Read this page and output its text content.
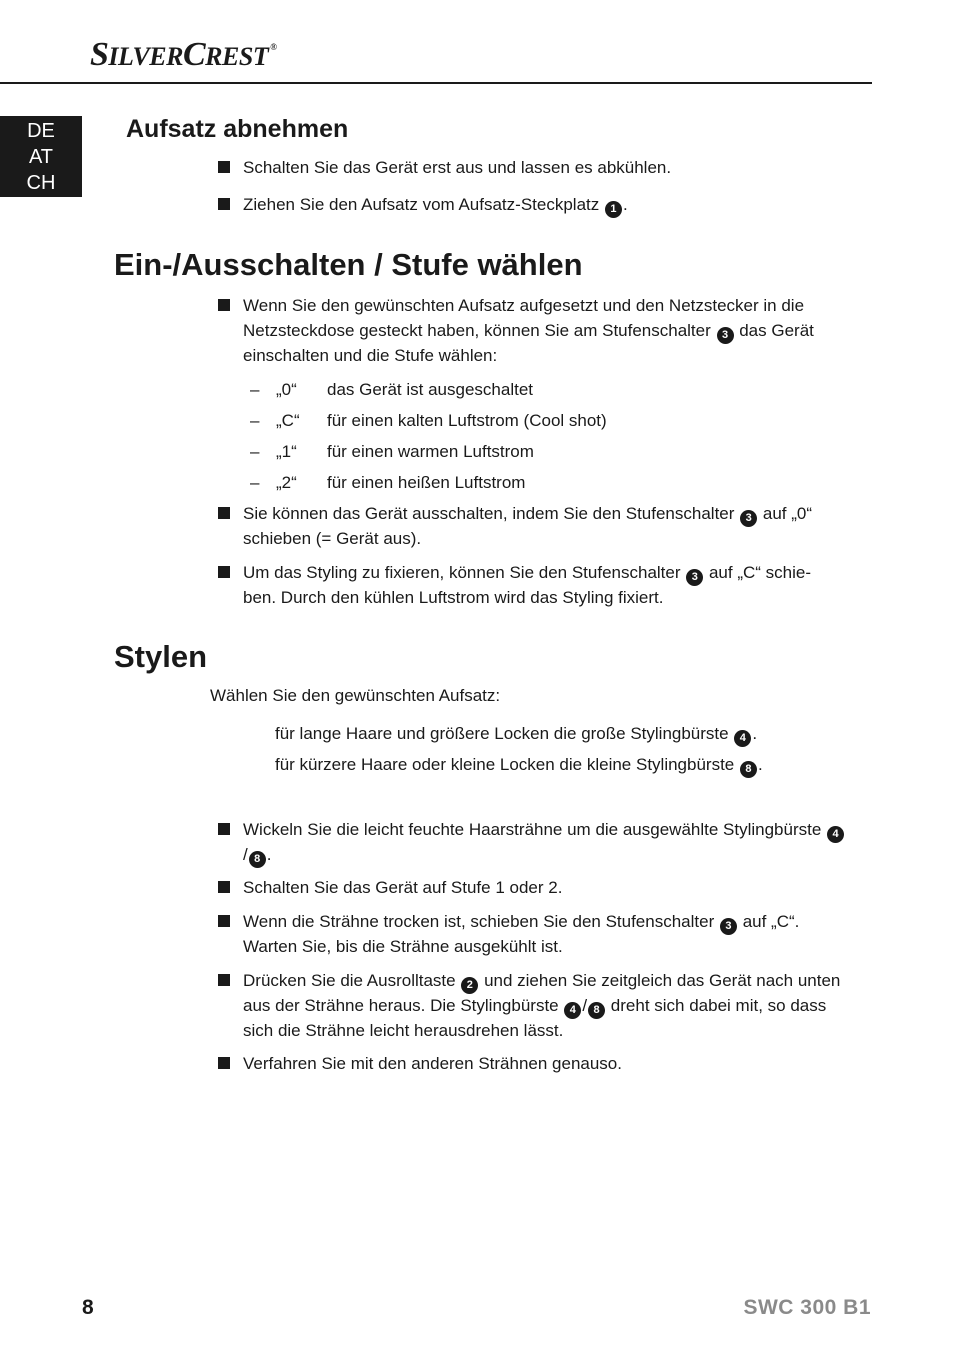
SILVERCREST ®
DE
AT
CH
Aufsatz abnehmen
Schalten Sie das Gerät erst aus und lassen es abkühlen.
Ziehen Sie den Aufsatz vom Aufsatz-Steckplatz 1 .
Ein-/Ausschalten / Stufe wählen
Wenn Sie den gewünschten Aufsatz aufgesetzt und den Netzstecker in die Netzsteckdose gesteckt haben, können Sie am Stufenschalter 3 das Gerät einschalten und die Stufe wählen:
– „0“ das Gerät ist ausgeschaltet
– „C“ für einen kalten Luftstrom (Cool shot)
– „1“ für einen warmen Luftstrom
– „2“ für einen heißen Luftstrom
Sie können das Gerät ausschalten, indem Sie den Stufenschalter 3 auf „0“ schieben (= Gerät aus).
Um das Styling zu fixieren, können Sie den Stufenschalter 3 auf „C“ schie-ben. Durch den kühlen Luftstrom wird das Styling fixiert.
Stylen
Wählen Sie den gewünschten Aufsatz:
für lange Haare und größere Locken die große Stylingbürste 4 .
für kürzere Haare oder kleine Locken die kleine Stylingbürste 8 .
Wickeln Sie die leicht feuchte Haarsträhne um die ausgewählte Stylingbürste 4/ 8 .
Schalten Sie das Gerät auf Stufe 1 oder 2.
Wenn die Strähne trocken ist, schieben Sie den Stufenschalter 3 auf „C“. Warten Sie, bis die Strähne ausgekühlt ist.
Drücken Sie die Ausrolltaste 2 und ziehen Sie zeitgleich das Gerät nach unten aus der Strähne heraus. Die Stylingbürste 4 / 8 dreht sich dabei mit, so dass sich die Strähne leicht herausdrehen lässt.
Verfahren Sie mit den anderen Strähnen genauso.
8	SWC 300 B1
